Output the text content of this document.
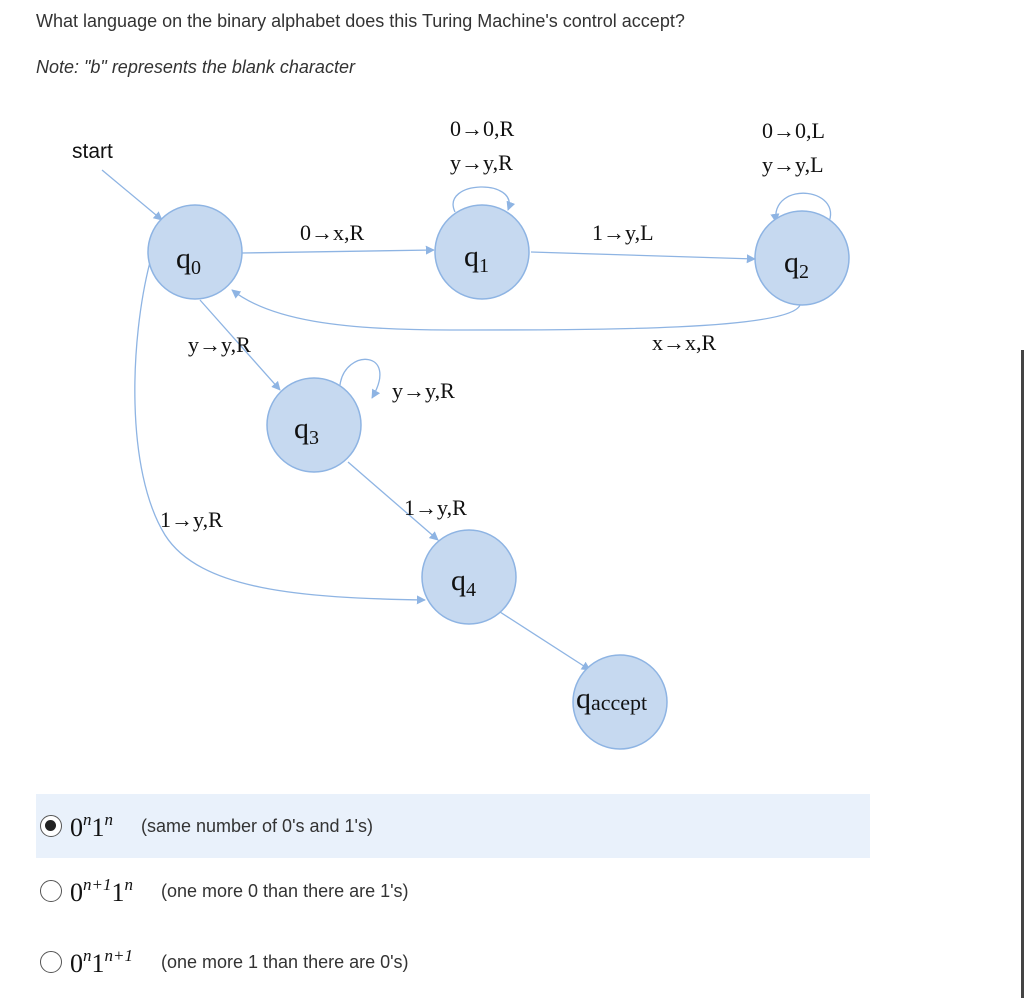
What language on the binary alphabet does this Turing Machine's control accept?
Note: "b" represents the blank character
$q_0$	$q_1$	$q_2$
$q_3$
$q_4$
qaccept
start
0→0,R
y→y,R
0→0,L
y→y,L
0→x,R	1→y,L
x→x,R
y→y,R
y→y,R
1→y,R
1→y,R
0$^n$1$^n$ (same number of 0's and 1's)
$0^{n+1}1^n$ (one more 0 than there are 1's)
$0^n1^{n+1}$ (one more 1 than there are 0's)
